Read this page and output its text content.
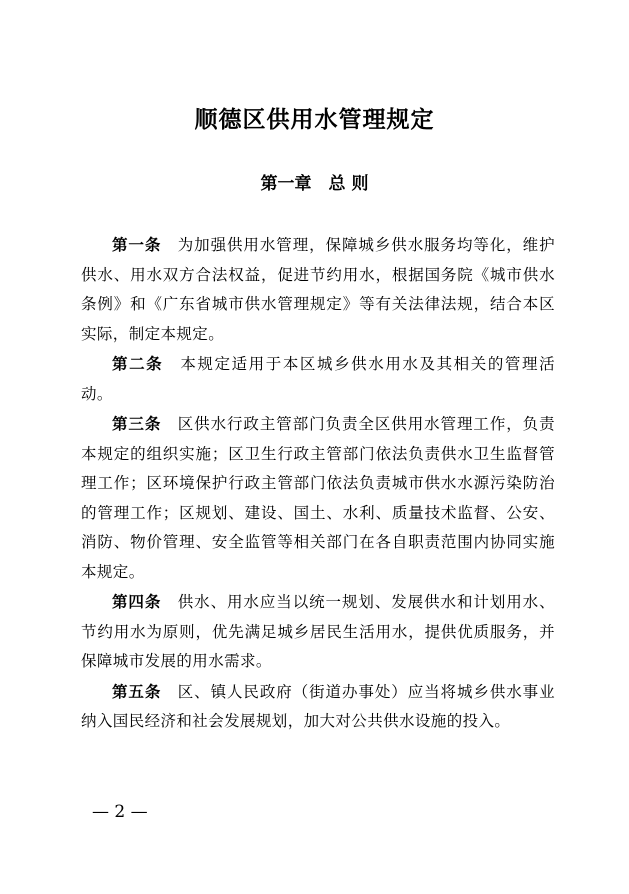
顺德区供用水管理规定
第一章　总 则

第一条　 为加强供用水管理，保障城乡供水服务均等化，维护供水、用水双方合法权益，促进节约用水，根据国务院《城市供水条例》和《广东省城市供水管理规定》等有关法律法规，结合本区实际，制定本规定。

第二条　 本规定适用于本区城乡供水用水及其相关的管理活动。

第三条　 区供水行政主管部门负责全区供用水管理工作，负责本规定的组织实施；区卫生行政主管部门依法负责供水卫生监督管理工作；区环境保护行政主管部门依法负责城市供水水源污染防治的管理工作；区规划、建设、国土、水利、质量技术监督、公安、消防、物价管理、安全监管等相关部门在各自职责范围内协同实施本规定。

第四条　 供水、用水应当以统一规划、发展供水和计划用水、节约用水为原则，优先满足城乡居民生活用水，提供优质服务，并保障城市发展的用水需求。

第五条　 区、镇人民政府（街道办事处）应当将城乡供水事业纳入国民经济和社会发展规划，加大对公共供水设施的投入。

— 2 —
